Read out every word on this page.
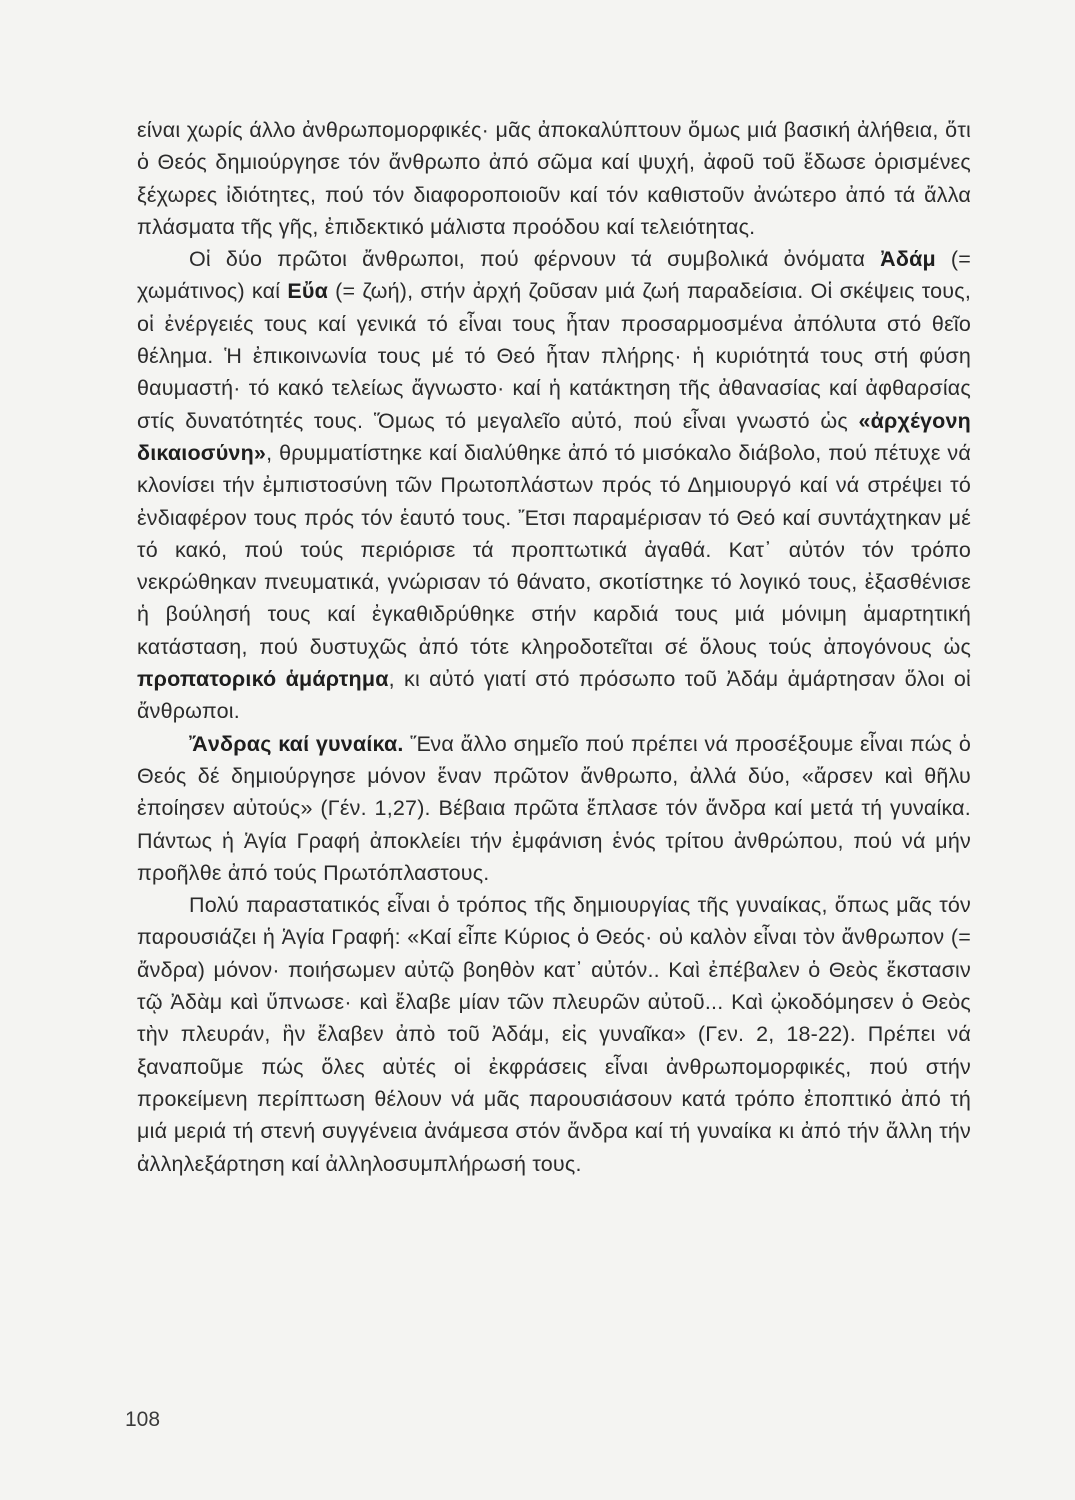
είναι χωρίς άλλο ἀνθρωπομορφικές· μᾶς ἀποκαλύπτουν ὅμως μιά βασική ἀλήθεια, ὅτι ὁ Θεός δημιούργησε τόν ἄνθρωπο ἀπό σῶμα καί ψυχή, ἀφοῦ τοῦ ἔδωσε ὁρισμένες ξέχωρες ἰδιότητες, πού τόν διαφοροποιοῦν καί τόν καθιστοῦν ἀνώτερο ἀπό τά ἄλλα πλάσματα τῆς γῆς, ἐπιδεκτικό μάλιστα προόδου καί τελειότητας.

Οἱ δύο πρῶτοι ἄνθρωποι, πού φέρνουν τά συμβολικά ὀνόματα Ἀδάμ (= χωμάτινος) καί Εὔα (= ζωή), στήν ἀρχή ζοῦσαν μιά ζωή παραδείσια. Οἱ σκέψεις τους, οἱ ἐνέργειές τους καί γενικά τό εἶναι τους ἦταν προσαρμοσμένα ἀπόλυτα στό θεῖο θέλημα. Ἡ ἐπικοινωνία τους μέ τό Θεό ἦταν πλήρης· ἡ κυριότητά τους στή φύση θαυμαστή· τό κακό τελείως ἄγνωστο· καί ἡ κατάκτηση τῆς ἀθανασίας καί ἀφθαρσίας στίς δυνατότητές τους. Ὅμως τό μεγαλεῖο αὐτό, πού εἶναι γνωστό ὡς «ἀρχέγονη δικαιοσύνη», θρυμματίστηκε καί διαλύθηκε ἀπό τό μισόκαλο διάβολο, πού πέτυχε νά κλονίσει τήν ἐμπιστοσύνη τῶν Πρωτοπλάστων πρός τό Δημιουργό καί νά στρέψει τό ἐνδιαφέρον τους πρός τόν ἑαυτό τους. Ἔτσι παραμέρισαν τό Θεό καί συντάχτηκαν μέ τό κακό, πού τούς περιόρισε τά προπτωτικά ἀγαθά. Κατ᾽ αὐτόν τόν τρόπο νεκρώθηκαν πνευματικά, γνώρισαν τό θάνατο, σκοτίστηκε τό λογικό τους, ἐξασθένισε ἡ βούλησή τους καί ἐγκαθιδρύθηκε στήν καρδιά τους μιά μόνιμη ἁμαρτητική κατάσταση, πού δυστυχῶς ἀπό τότε κληροδοτεῖται σέ ὅλους τούς ἀπογόνους ὡς προπατορικό ἁμάρτημα, κι αὐτό γιατί στό πρόσωπο τοῦ Ἀδάμ ἁμάρτησαν ὅλοι οἱ ἄνθρωποι.

Ἄνδρας καί γυναίκα. Ἕνα ἄλλο σημεῖο πού πρέπει νά προσέξουμε εἶναι πώς ὁ Θεός δέ δημιούργησε μόνον ἕναν πρῶτον ἄνθρωπο, ἀλλά δύο, «ἄρσεν καὶ θῆλυ ἐποίησεν αὐτούς» (Γέν. 1,27). Βέβαια πρῶτα ἔπλασε τόν ἄνδρα καί μετά τή γυναίκα. Πάντως ἡ Ἁγία Γραφή ἀποκλείει τήν ἐμφάνιση ἑνός τρίτου ἀνθρώπου, πού νά μήν προῆλθε ἀπό τούς Πρωτόπλαστους.

Πολύ παραστατικός εἶναι ὁ τρόπος τῆς δημιουργίας τῆς γυναίκας, ὅπως μᾶς τόν παρουσιάζει ἡ Ἁγία Γραφή: «Καί εἶπε Κύριος ὁ Θεός· οὐ καλὸν εἶναι τὸν ἄνθρωπον (= ἄνδρα) μόνον· ποιήσωμεν αὐτῷ βοηθὸν κατ᾽ αὐτόν.. Καὶ ἐπέβαλεν ὁ Θεὸς ἔκστασιν τῷ Ἀδὰμ καὶ ὕπνωσε· καὶ ἔλαβε μίαν τῶν πλευρῶν αὐτοῦ... Καὶ ᾠκοδόμησεν ὁ Θεὸς τὴν πλευράν, ἣν ἔλαβεν ἀπὸ τοῦ Ἀδάμ, εἰς γυναῖκα» (Γεν. 2, 18-22). Πρέπει νά ξαναποῦμε πώς ὅλες αὐτές οἱ ἐκφράσεις εἶναι ἀνθρωπομορφικές, πού στήν προκείμενη περίπτωση θέλουν νά μᾶς παρουσιάσουν κατά τρόπο ἐποπτικό ἀπό τή μιά μεριά τή στενή συγγένεια ἀνάμεσα στόν ἄνδρα καί τή γυναίκα κι ἀπό τήν ἄλλη τήν ἀλληλεξάρτηση καί ἀλληλοσυμπλήρωσή τους.

108
